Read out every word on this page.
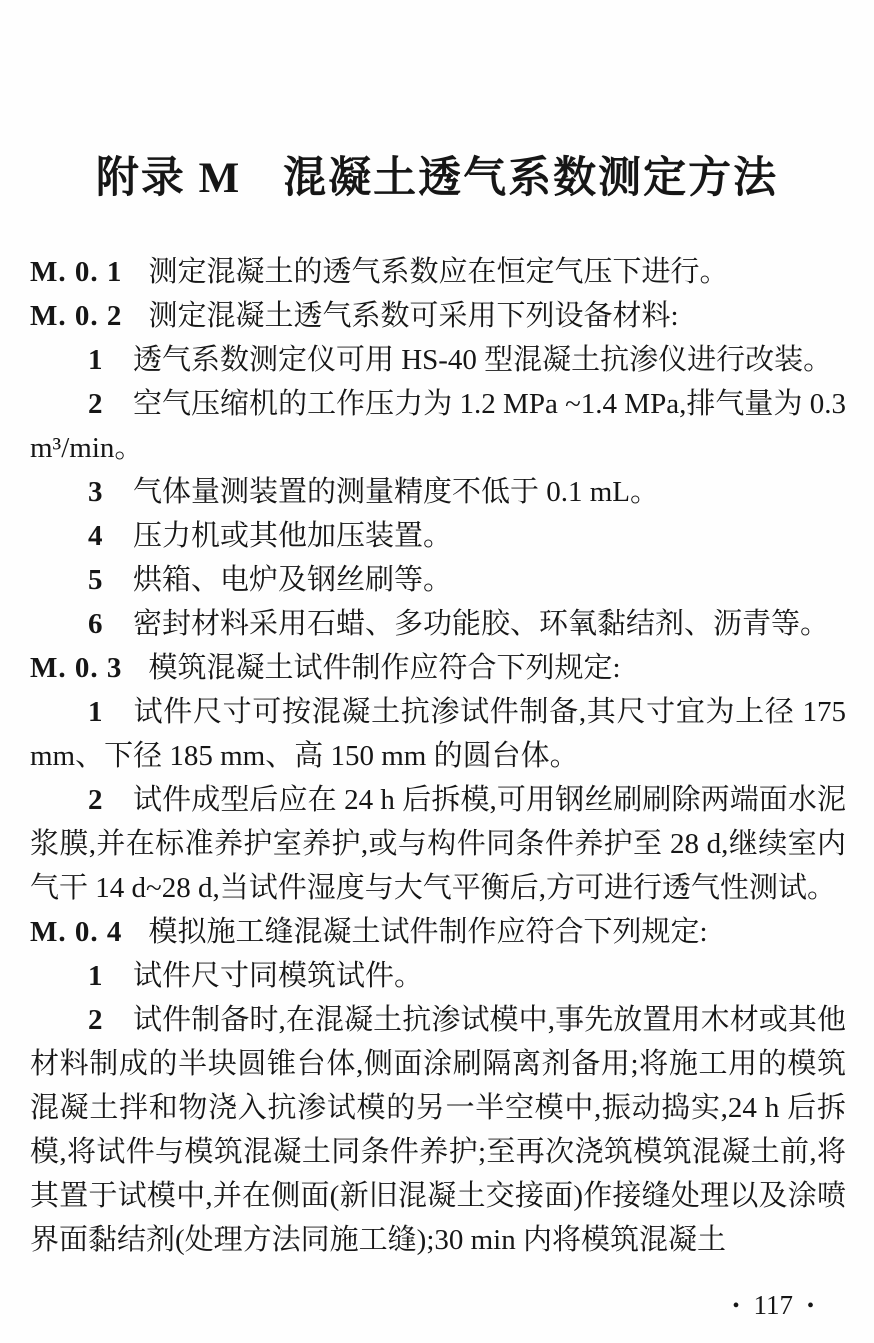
附录 M 混凝土透气系数测定方法

M. 0. 1 测定混凝土的透气系数应在恒定气压下进行。

M. 0. 2 测定混凝土透气系数可采用下列设备材料:

1 透气系数测定仪可用 HS-40 型混凝土抗渗仪进行改装。

2 空气压缩机的工作压力为 1.2 MPa ~1.4 MPa,排气量为 0.3 m³/min。

3 气体量测装置的测量精度不低于 0.1 mL。

4 压力机或其他加压装置。

5 烘箱、电炉及钢丝刷等。

6 密封材料采用石蜡、多功能胶、环氧黏结剂、沥青等。

M. 0. 3 模筑混凝土试件制作应符合下列规定:

1 试件尺寸可按混凝土抗渗试件制备,其尺寸宜为上径 175 mm、下径 185 mm、高 150 mm 的圆台体。

2 试件成型后应在 24 h 后拆模,可用钢丝刷刷除两端面水泥浆膜,并在标准养护室养护,或与构件同条件养护至 28 d,继续室内气干 14 d~28 d,当试件湿度与大气平衡后,方可进行透气性测试。

M. 0. 4 模拟施工缝混凝土试件制作应符合下列规定:

1 试件尺寸同模筑试件。

2 试件制备时,在混凝土抗渗试模中,事先放置用木材或其他材料制成的半块圆锥台体,侧面涂刷隔离剂备用;将施工用的模筑混凝土拌和物浇入抗渗试模的另一半空模中,振动捣实,24 h 后拆模,将试件与模筑混凝土同条件养护;至再次浇筑模筑混凝土前,将其置于试模中,并在侧面(新旧混凝土交接面)作接缝处理以及涂喷界面黏结剂(处理方法同施工缝);30 min 内将模筑混凝土

• 117 •
